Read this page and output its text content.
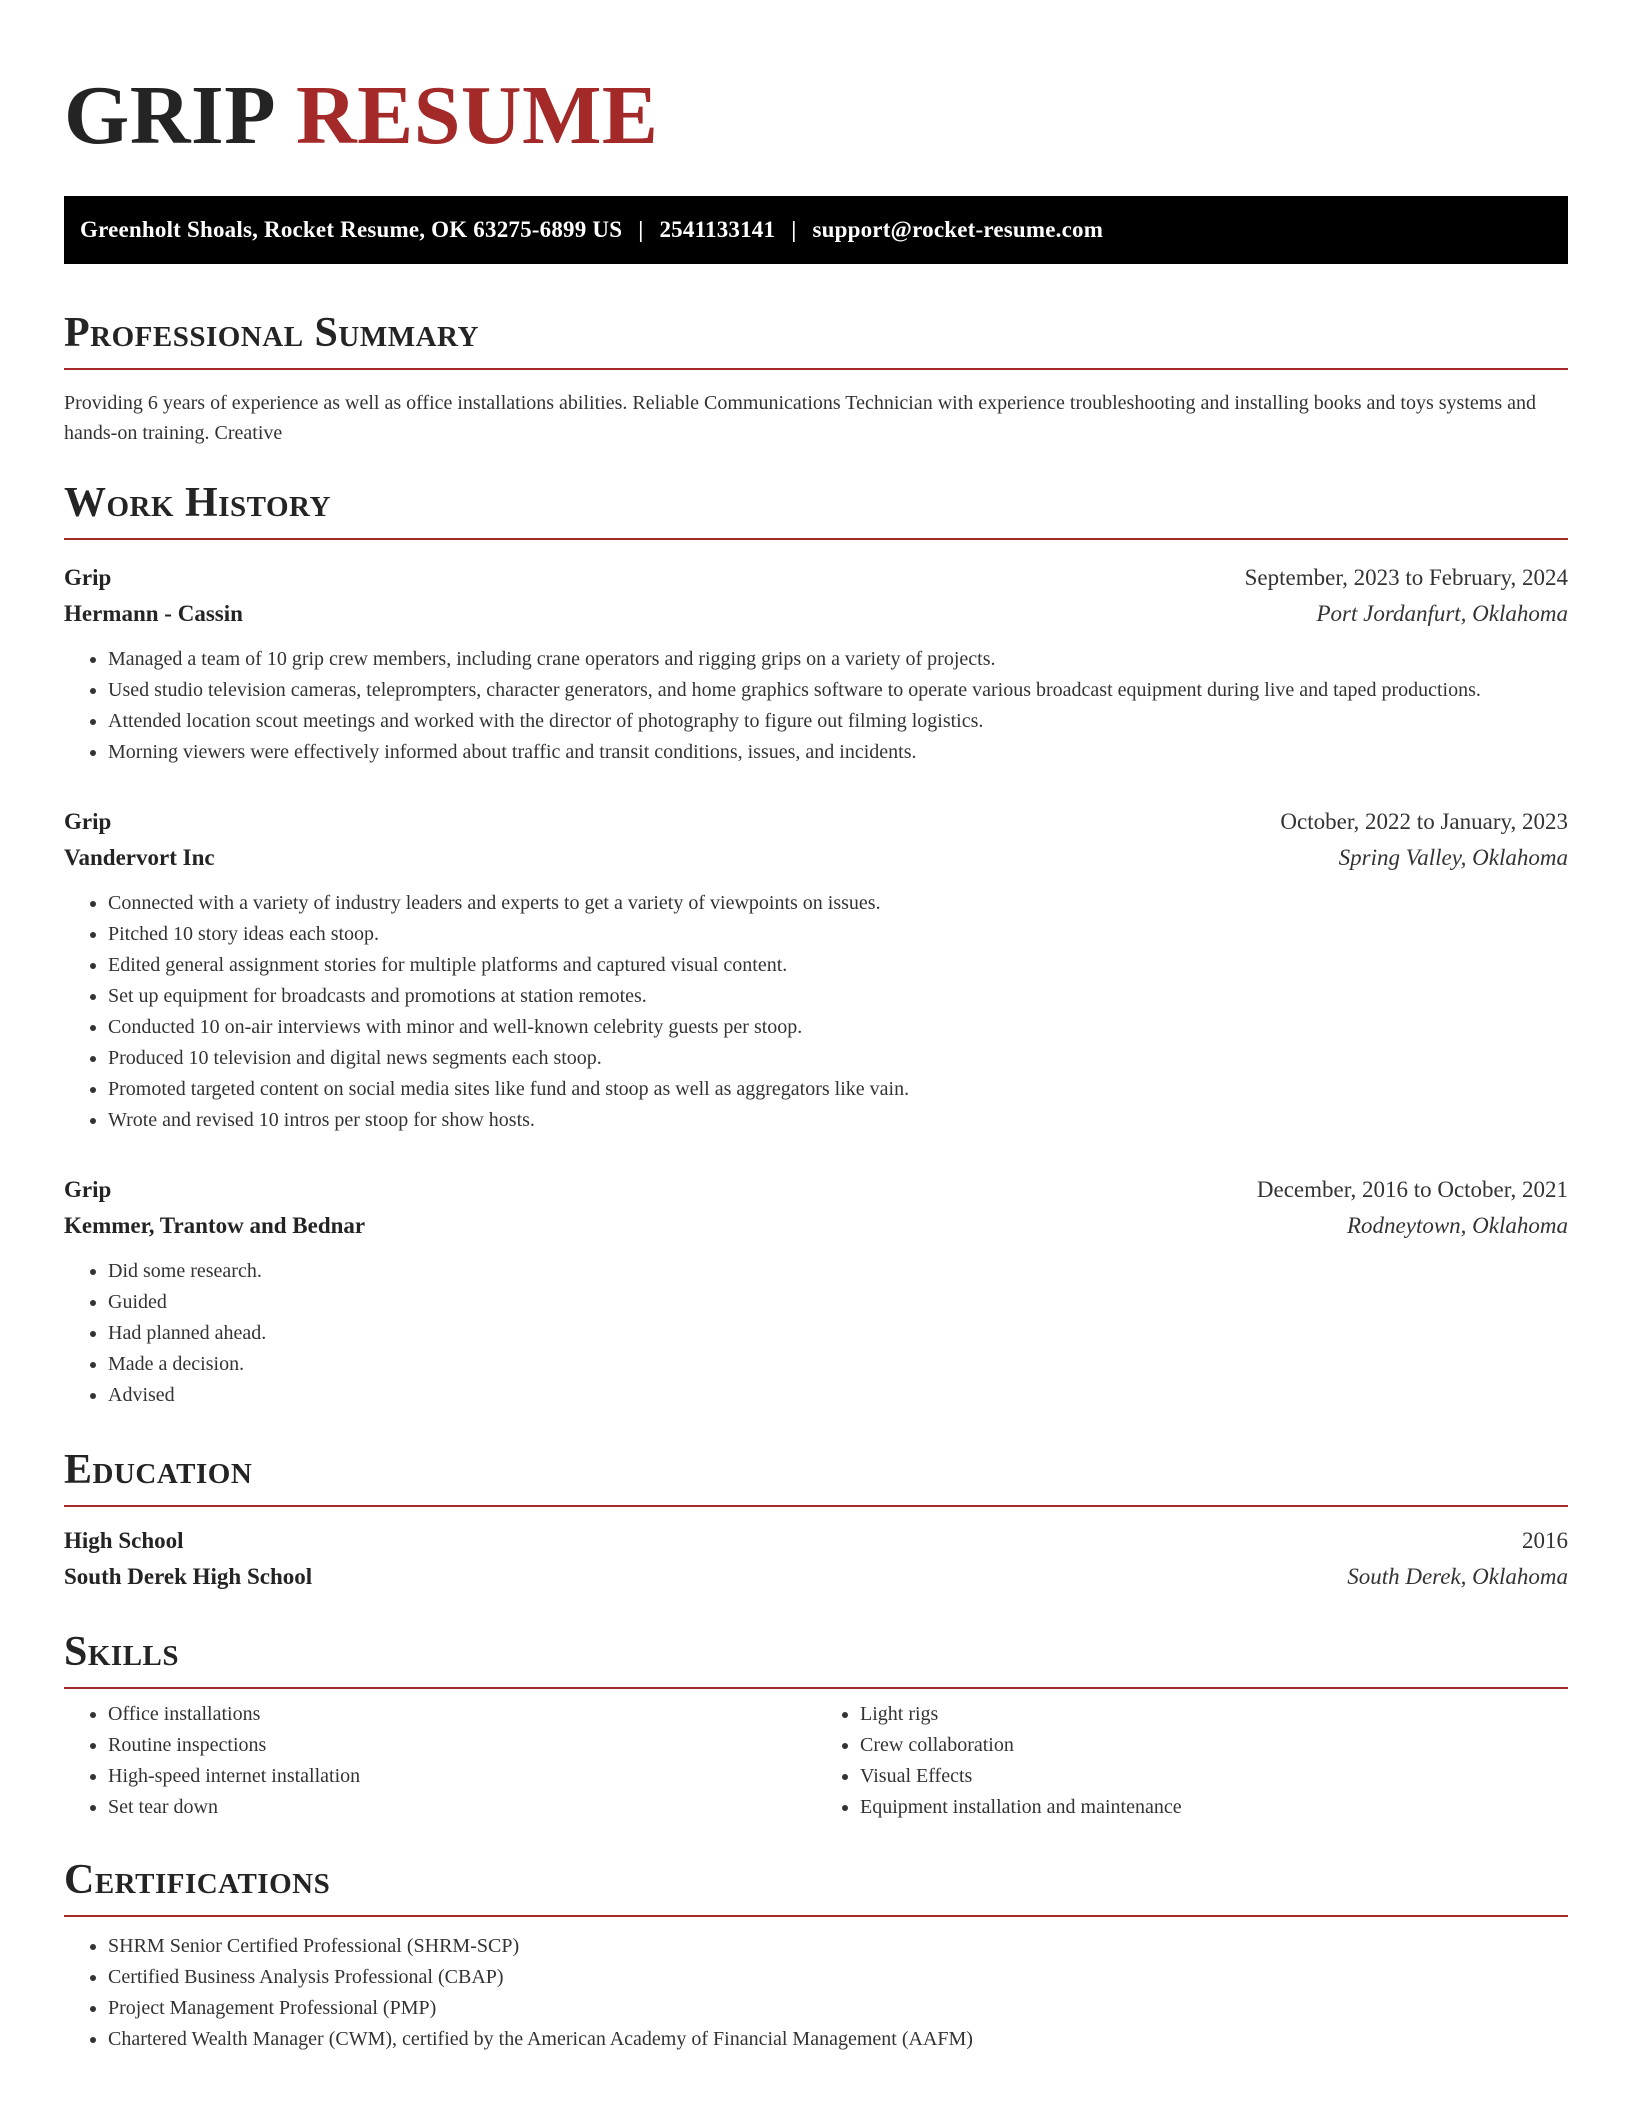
GRIP RESUME
Greenholt Shoals, Rocket Resume, OK 63275-6899 US | 2541133141 | support@rocket-resume.com
Professional Summary
Providing 6 years of experience as well as office installations abilities. Reliable Communications Technician with experience troubleshooting and installing books and toys systems and hands-on training. Creative
Work History
Grip	September, 2023 to February, 2024
Hermann - Cassin	Port Jordanfurt, Oklahoma
• Managed a team of 10 grip crew members, including crane operators and rigging grips on a variety of projects.
• Used studio television cameras, teleprompters, character generators, and home graphics software to operate various broadcast equipment during live and taped productions.
• Attended location scout meetings and worked with the director of photography to figure out filming logistics.
• Morning viewers were effectively informed about traffic and transit conditions, issues, and incidents.
Grip	October, 2022 to January, 2023
Vandervort Inc	Spring Valley, Oklahoma
• Connected with a variety of industry leaders and experts to get a variety of viewpoints on issues.
• Pitched 10 story ideas each stoop.
• Edited general assignment stories for multiple platforms and captured visual content.
• Set up equipment for broadcasts and promotions at station remotes.
• Conducted 10 on-air interviews with minor and well-known celebrity guests per stoop.
• Produced 10 television and digital news segments each stoop.
• Promoted targeted content on social media sites like fund and stoop as well as aggregators like vain.
• Wrote and revised 10 intros per stoop for show hosts.
Grip	December, 2016 to October, 2021
Kemmer, Trantow and Bednar	Rodneytown, Oklahoma
• Did some research.
• Guided
• Had planned ahead.
• Made a decision.
• Advised
Education
High School	2016
South Derek High School	South Derek, Oklahoma
Skills
• Office installations
• Routine inspections
• High-speed internet installation
• Set tear down
• Light rigs
• Crew collaboration
• Visual Effects
• Equipment installation and maintenance
Certifications
• SHRM Senior Certified Professional (SHRM-SCP)
• Certified Business Analysis Professional (CBAP)
• Project Management Professional (PMP)
• Chartered Wealth Manager (CWM), certified by the American Academy of Financial Management (AAFM)
